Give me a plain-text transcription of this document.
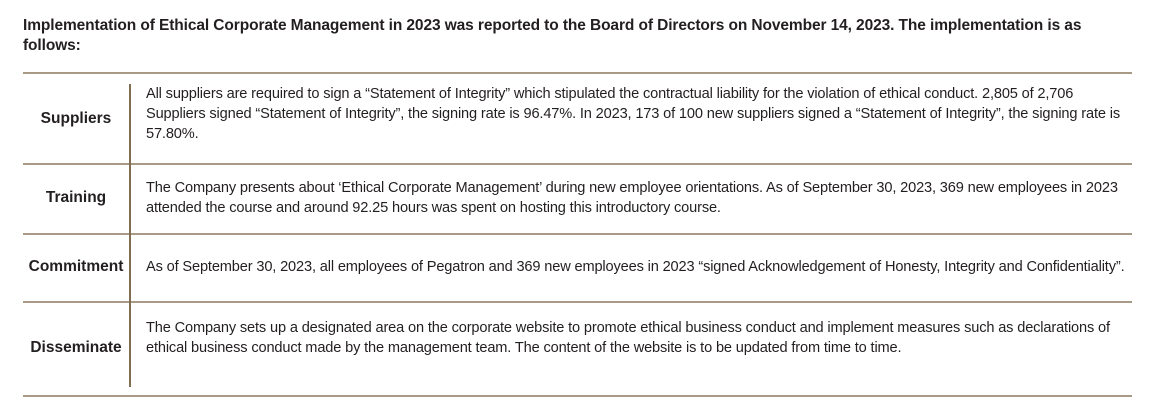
Implementation of Ethical Corporate Management in 2023 was reported to the Board of Directors on November 14, 2023. The implementation is as follows:
Suppliers
All suppliers are required to sign a “Statement of Integrity” which stipulated the contractual liability for the violation of ethical conduct. 2,805 of 2,706 Suppliers signed “Statement of Integrity”, the signing rate is 96.47%. In 2023, 173 of 100 new suppliers signed a “Statement of Integrity”, the signing rate is 57.80%.
Training
The Company presents about ‘Ethical Corporate Management’ during new employee orientations. As of September 30, 2023, 369 new employees in 2023 attended the course and around 92.25 hours was spent on hosting this introductory course.
Commitment	As of September 30, 2023, all employees of Pegatron and 369 new employees in 2023 “signed Acknowledgement of Honesty, Integrity and Confidentiality”.
Disseminate
The Company sets up a designated area on the corporate website to promote ethical business conduct and implement measures such as declarations of ethical business conduct made by the management team. The content of the website is to be updated from time to time.
